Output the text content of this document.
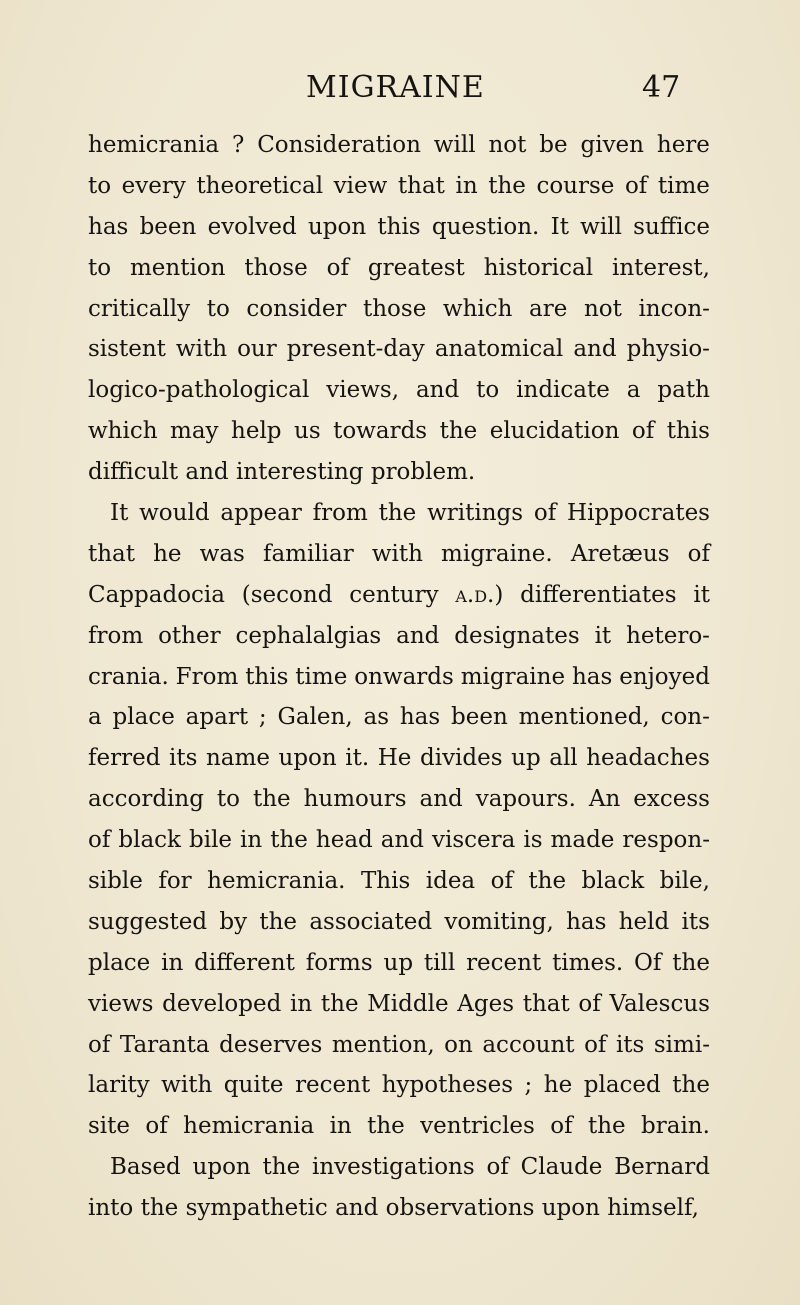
MIGRAINE	47
hemicrania ? Consideration will not be given here
to every theoretical view that in the course of time
has been evolved upon this question. It will suffice
to mention those of greatest historical interest,
critically to consider those which are not incon-
sistent with our present-day anatomical and physio-
logico-pathological views, and to indicate a path
which may help us towards the elucidation of this
difficult and interesting problem.
It would appear from the writings of Hippocrates
that he was familiar with migraine. Aretæus of
Cappadocia (second century a.d.) differentiates it
from other cephalalgias and designates it hetero-
crania. From this time onwards migraine has enjoyed
a place apart ; Galen, as has been mentioned, con-
ferred its name upon it. He divides up all headaches
according to the humours and vapours. An excess
of black bile in the head and viscera is made respon-
sible for hemicrania. This idea of the black bile,
suggested by the associated vomiting, has held its
place in different forms up till recent times. Of the
views developed in the Middle Ages that of Valescus
of Taranta deserves mention, on account of its simi-
larity with quite recent hypotheses ; he placed the
site of hemicrania in the ventricles of the brain.
Based upon the investigations of Claude Bernard
into the sympathetic and observations upon himself,
